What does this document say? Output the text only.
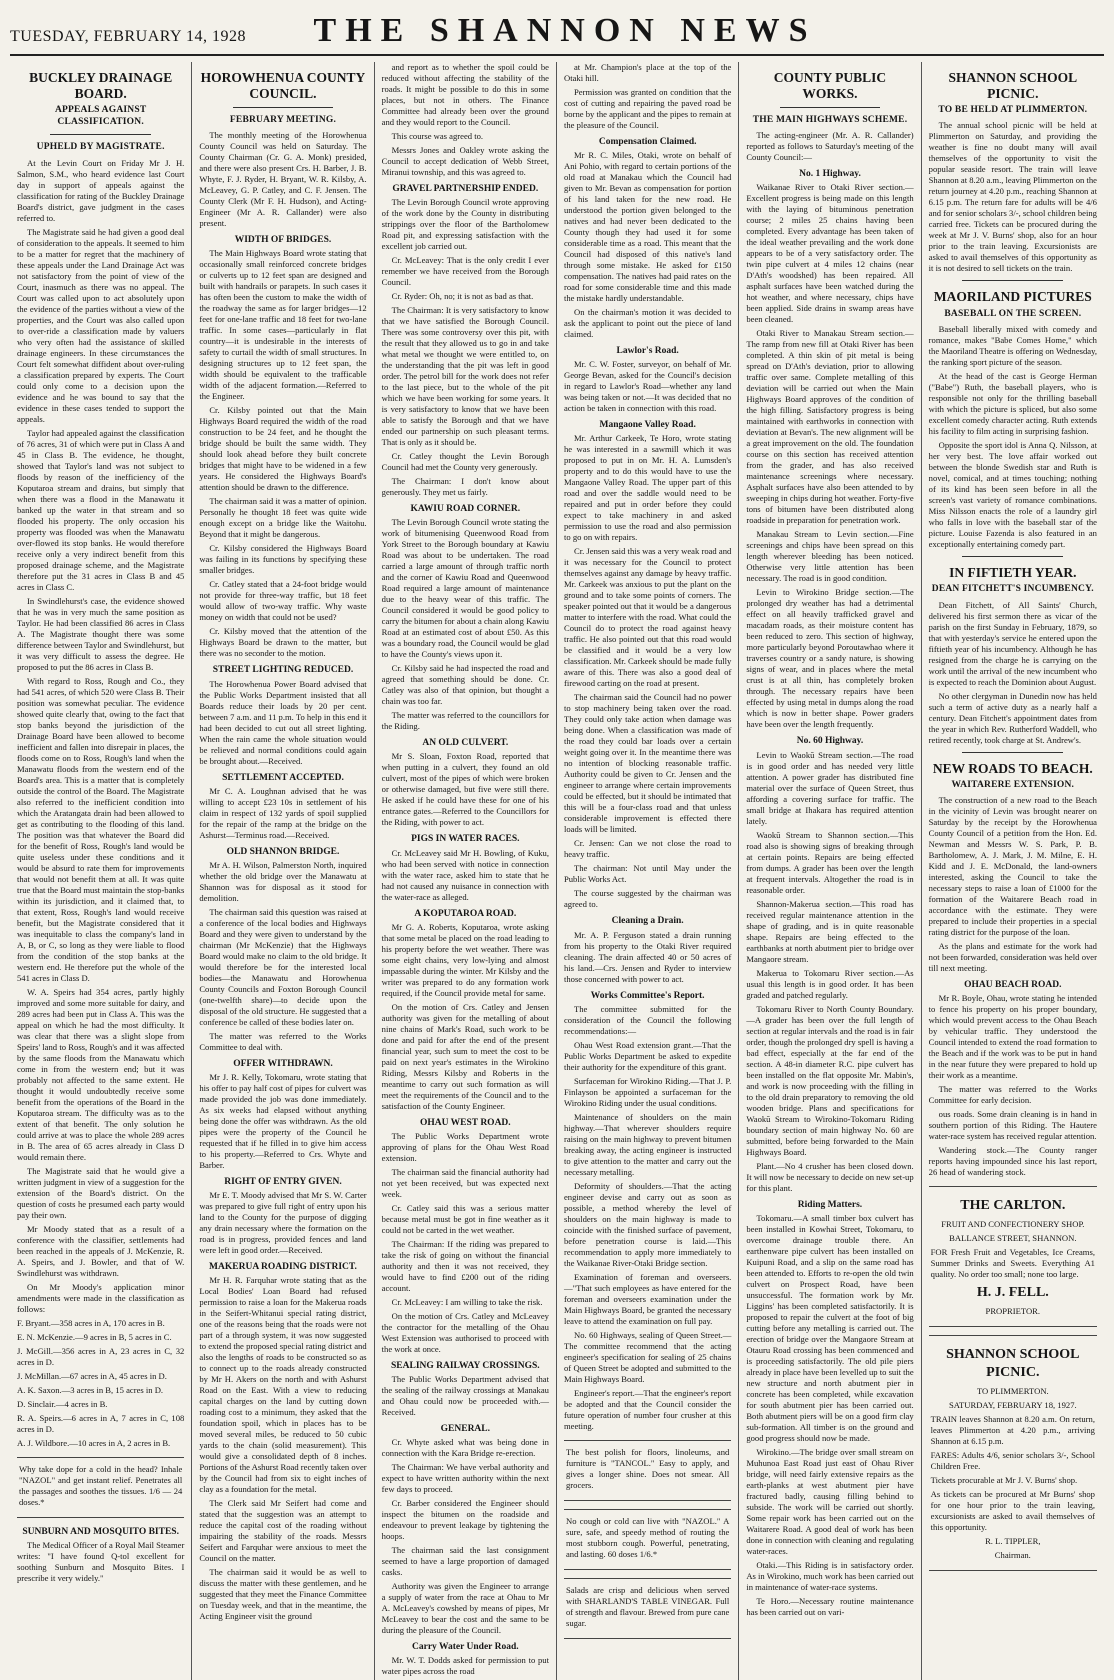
TUESDAY, FEBRUARY 14, 1928	THE SHANNON NEWS
BUCKLEY DRAINAGE BOARD.
APPEALS AGAINST CLASSIFICATION.
UPHELD BY MAGISTRATE.

At the Levin Court on Friday Mr J. H. Salmon, S.M., who heard evidence last Court day in support of appeals against the classification for rating of the Buckley Drainage Board's district, gave judgment in the cases referred to.

The Magistrate said he had given a good deal of consideration to the appeals. It seemed to him to be a matter for regret that the machinery of these appeals under the Land Drainage Act was not satisfactory from the point of view of the Court, inasmuch as there was no appeal. The Court was called upon to act absolutely upon the evidence of the parties without a view of the properties, and the Court was also called upon to over-ride a classification made by valuers who very often had the assistance of skilled drainage engineers. In these circumstances the Court felt somewhat diffident about over-ruling a classification prepared by experts. The Court could only come to a decision upon the evidence and he was bound to say that the evidence in these cases tended to support the appeals.

Taylor had appealed against the classification of 76 acres, 31 of which were put in Class A and 45 in Class B. The evidence, he thought, showed that Taylor's land was not subject to floods by reason of the inefficiency of the Koputaroa stream and drains, but simply that when there was a flood in the Manawatu it banked up the water in that stream and so flooded his property. The only occasion his property was flooded was when the Manawatu over-flowed its stop banks. He would therefore receive only a very indirect benefit from this proposed drainage scheme, and the Magistrate therefore put the 31 acres in Class B and 45 acres in Class C.

In Swindlehurst's case, the evidence showed that he was in very much the same position as Taylor. He had been classified 86 acres in Class A. The Magistrate thought there was some difference between Taylor and Swindlehurst, but it was very difficult to assess the degree. He proposed to put the 86 acres in Class B.

With regard to Ross, Rough and Co., they had 541 acres, of which 520 were Class B. Their position was somewhat peculiar. The evidence showed quite clearly that, owing to the fact that stop banks beyond the jurisdiction of the Drainage Board have been allowed to become inefficient and fallen into disrepair in places, the floods come on to Ross, Rough's land when the Manawatu floods from the western end of the Board's area. This is a matter that is completely outside the control of the Board. The Magistrate also referred to the inefficient condition into which the Aratangata drain had been allowed to get as contributing to the flooding of this land. The position was that whatever the Board did for the benefit of Ross, Rough's land would be quite useless under these conditions and it would be absurd to rate them for improvements that would not benefit them at all. It was quite true that the Board must maintain the stop-banks within its jurisdiction, and it claimed that, to that extent, Ross, Rough's land would receive benefit, but the Magistrate considered that it was inequitable to class the company's land in A, B, or C, so long as they were liable to flood from the condition of the stop banks at the western end. He therefore put the whole of the 541 acres in Class D.

W. A. Speirs had 354 acres, partly highly improved and some more suitable for dairy, and 289 acres had been put in Class A. This was the appeal on which he had the most difficulty. It was clear that there was a slight slope from Speirs' land to Ross, Rough's and it was affected by the same floods from the Manawatu which come in from the western end; but it was probably not affected to the same extent. He thought it would undoubtedly receive some benefit from the operations of the Board in the Koputaroa stream. The difficulty was as to the extent of that benefit. The only solution he could arrive at was to place the whole 289 acres in B. The area of 65 acres already in Class D would remain there.

The Magistrate said that he would give a written judgment in view of a suggestion for the extension of the Board's district. On the question of costs he presumed each party would pay their own.

Mr Moody stated that as a result of a conference with the classifier, settlements had been reached in the appeals of J. McKenzie, R. A. Speirs, and J. Bowler, and that of W. Swindlehurst was withdrawn.

On Mr Moody's application minor amendments were made in the classification as follows:

F. Bryant.—358 acres in A, 170 acres in B.

E. N. McKenzie.—9 acres in B, 5 acres in C.

J. McGill.—356 acres in A, 23 acres in C, 32 acres in D.

J. McMillan.—67 acres in A, 45 acres in D.

A. K. Saxon.—3 acres in B, 15 acres in D.

D. Sinclair.—4 acres in B.

R. A. Speirs.—6 acres in A, 7 acres in C, 108 acres in D.

A. J. Wildbore.—10 acres in A, 2 acres in B.

Why take dope for a cold in the head? Inhale "NAZOL" and get instant relief. Penetrates all the passages and soothes the tissues. 1/6 — 24 doses.*

SUNBURN AND MOSQUITO BITES.

The Medical Officer of a Royal Mail Steamer writes: "I have found Q-tol excellent for soothing Sunburn and Mosquito Bites. I prescribe it very widely."

HOROWHENUA COUNTY COUNCIL.
FEBRUARY MEETING.

The monthly meeting of the Horowhenua County Council was held on Saturday. The County Chairman (Cr. G. A. Monk) presided, and there were also present Crs. H. Barber, J. B. Whyte, F. J. Ryder, H. Bryant, W. R. Kilsby, A. McLeavey, G. P. Catley, and C. F. Jensen. The County Clerk (Mr F. H. Hudson), and Acting-Engineer (Mr A. R. Callander) were also present.

WIDTH OF BRIDGES.

The Main Highways Board wrote stating that occasionally small reinforced concrete bridges or culverts up to 12 feet span are designed and built with handrails or parapets. In such cases it has often been the custom to make the width of the roadway the same as for larger bridges—12 feet for one-lane traffic and 18 feet for two-lane traffic. In some cases—particularly in flat country—it is undesirable in the interests of safety to curtail the width of small structures. In designing structures up to 12 feet span, the width should be equivalent to the trafficable width of the adjacent formation.—Referred to the Engineer.

Cr. Kilsby pointed out that the Main Highways Board required the width of the road construction to be 24 feet, and he thought the bridge should be built the same width. They should look ahead before they built concrete bridges that might have to be widened in a few years. He considered the Highways Board's attention should be drawn to the difference.

The chairman said it was a matter of opinion. Personally he thought 18 feet was quite wide enough except on a bridge like the Waitohu. Beyond that it might be dangerous.

Cr. Kilsby considered the Highways Board was failing in its functions by specifying these smaller bridges.

Cr. Catley stated that a 24-foot bridge would not provide for three-way traffic, but 18 feet would allow of two-way traffic. Why waste money on width that could not be used?

Cr. Kilsby moved that the attention of the Highways Board be drawn to the matter, but there was no seconder to the motion.

STREET LIGHTING REDUCED.

The Horowhenua Power Board advised that the Public Works Department insisted that all Boards reduce their loads by 20 per cent. between 7 a.m. and 11 p.m. To help in this end it had been decided to cut out all street lighting. When the rain came the whole situation would be relieved and normal conditions could again be brought about.—Received.

SETTLEMENT ACCEPTED.

Mr C. A. Loughnan advised that he was willing to accept £23 10s in settlement of his claim in respect of 132 yards of spoil supplied for the repair of the ramp at the bridge on the Ashurst—Terminus road.—Received.

OLD SHANNON BRIDGE.

Mr A. H. Wilson, Palmerston North, inquired whether the old bridge over the Manawatu at Shannon was for disposal as it stood for demolition.

The chairman said this question was raised at a conference of the local bodies and Highways Board and they were given to understand by the chairman (Mr McKenzie) that the Highways Board would make no claim to the old bridge. It would therefore be for the interested local bodies—the Manawatu and Horowhenua County Councils and Foxton Borough Council (one-twelfth share)—to decide upon the disposal of the old structure. He suggested that a conference be called of these bodies later on.

The matter was referred to the Works Committee to deal with.

OFFER WITHDRAWN.

Mr J. R. Kelly, Tokomaru, wrote stating that his offer to pay half cost of pipes for culvert was made provided the job was done immediately. As six weeks had elapsed without anything being done the offer was withdrawn. As the old pipes were the property of the Council he requested that if he filled in to give him access to his property.—Referred to Crs. Whyte and Barber.

RIGHT OF ENTRY GIVEN.

Mr E. T. Moody advised that Mr S. W. Carter was prepared to give full right of entry upon his land to the County for the purpose of digging any drain necessary where the formation on the road is in progress, provided fences and land were left in good order.—Received.

MAKERUA ROADING DISTRICT.

Mr H. R. Farquhar wrote stating that as the Local Bodies' Loan Board had refused permission to raise a loan for the Makerua roads in the Seifert-Whitanui special rating district, one of the reasons being that the roads were not part of a through system, it was now suggested to extend the proposed special rating district and also the lengths of roads to be constructed so as to connect up to the roads already constructed by Mr H. Akers on the north and with Ashurst Road on the East. With a view to reducing capital charges on the land by cutting down roading cost to a minimum, they asked that the foundation spoil, which in places has to be moved several miles, be reduced to 50 cubic yards to the chain (solid measurement). This would give a consolidated depth of 8 inches. Portions of the Ashurst Road recently taken over by the Council had from six to eight inches of clay as a foundation for the metal.

The Clerk said Mr Seifert had come and stated that the suggestion was an attempt to reduce the capital cost of the roading without impairing the stability of the roads. Messrs Seifert and Farquhar were anxious to meet the Council on the matter.

The chairman said it would be as well to discuss the matter with these gentlemen, and he suggested that they meet the Finance Committee on Tuesday week, and that in the meantime, the Acting Engineer visit the ground

and report as to whether the spoil could be reduced without affecting the stability of the roads. It might be possible to do this in some places, but not in others. The Finance Committee had already been over the ground and they would report to the Council.

This course was agreed to.

Messrs Jones and Oakley wrote asking the Council to accept dedication of Webb Street, Miranui township, and this was agreed to.

GRAVEL PARTNERSHIP ENDED.

The Levin Borough Council wrote approving of the work done by the County in distributing strippings over the floor of the Bartholomew Road pit, and expressing satisfaction with the excellent job carried out.

Cr. McLeavey: That is the only credit I ever remember we have received from the Borough Council.

Cr. Ryder: Oh, no; it is not as bad as that.

The Chairman: It is very satisfactory to know that we have satisfied the Borough Council. There was some controversy over this pit, with the result that they allowed us to go in and take what metal we thought we were entitled to, on the understanding that the pit was left in good order. The petrol bill for the work does not refer to the last piece, but to the whole of the pit which we have been working for some years. It is very satisfactory to know that we have been able to satisfy the Borough and that we have ended our partnership on such pleasant terms. That is only as it should be.

Cr. Catley thought the Levin Borough Council had met the County very generously.

The Chairman: I don't know about generously. They met us fairly.

KAWIU ROAD CORNER.

The Levin Borough Council wrote stating the work of bitumenising Queenwood Road from York Street to the Borough boundary at Kawiu Road was about to be undertaken. The road carried a large amount of through traffic north and the corner of Kawiu Road and Queenwood Road required a large amount of maintenance due to the heavy wear of this traffic. The Council considered it would be good policy to carry the bitumen for about a chain along Kawiu Road at an estimated cost of about £50. As this was a boundary road, the Council would be glad to have the County's views upon it.

Cr. Kilsby said he had inspected the road and agreed that something should be done. Cr. Catley was also of that opinion, but thought a chain was too far.

The matter was referred to the councillors for the Riding.

AN OLD CULVERT.

Mr S. Sloan, Foxton Road, reported that when putting in a culvert, they found an old culvert, most of the pipes of which were broken or otherwise damaged, but five were still there. He asked if he could have these for one of his entrance gates.—Referred to the Councillors for the Riding, with power to act.

PIGS IN WATER RACES.

Cr. McLeavey said Mr H. Bowling, of Kuku, who had been served with notice in connection with the water race, asked him to state that he had not caused any nuisance in connection with the water-race as alleged.

A KOPUTAROA ROAD.

Mr G. A. Roberts, Koputaroa, wrote asking that some metal be placed on the road leading to his property before the wet weather. There was some eight chains, very low-lying and almost impassable during the winter. Mr Kilsby and the writer was prepared to do any formation work required, if the Council provide metal for same.

On the motion of Crs. Catley and Jensen authority was given for the metalling of about nine chains of Mark's Road, such work to be done and paid for after the end of the present financial year, such sum to meet the cost to be paid on next year's estimates in the Wirokino Riding, Messrs Kilsby and Roberts in the meantime to carry out such formation as will meet the requirements of the Council and to the satisfaction of the County Engineer.

OHAU WEST ROAD.

The Public Works Department wrote approving of plans for the Ohau West Road extension.

The chairman said the financial authority had not yet been received, but was expected next week.

Cr. Catley said this was a serious matter because metal must be got in fine weather as it could not be carted in the wet weather.

The Chairman: If the riding was prepared to take the risk of going on without the financial authority and then it was not received, they would have to find £200 out of the riding account.

Cr. McLeavey: I am willing to take the risk.

On the motion of Crs. Catley and McLeavey the contractor for the metalling of the Ohau West Extension was authorised to proceed with the work at once.

SEALING RAILWAY CROSSINGS.

The Public Works Department advised that the sealing of the railway crossings at Manakau and Ohau could now be proceeded with.—Received.

GENERAL.

Cr. Whyte asked what was being done in connection with the Kara Bridge re-erection.

The Chairman: We have verbal authority and expect to have written authority within the next few days to proceed.

Cr. Barber considered the Engineer should inspect the bitumen on the roadside and endeavour to prevent leakage by tightening the hoops.

The chairman said the last consignment seemed to have a large proportion of damaged casks.

Authority was given the Engineer to arrange a supply of water from the race at Ohau to Mr A. McLeavey's cowshed by means of pipes, Mr McLeavey to bear the cost and the same to be during the pleasure of the Council.

Carry Water Under Road.

Mr. W. T. Dodds asked for permission to put water pipes across the road

at Mr. Champion's place at the top of the Otaki hill.

Permission was granted on condition that the cost of cutting and repairing the paved road be borne by the applicant and the pipes to remain at the pleasure of the Council.

Compensation Claimed.

Mr R. C. Miles, Otaki, wrote on behalf of Ani Pohio, with regard to certain portions of the old road at Manakau which the Council had given to Mr. Bevan as compensation for portion of his land taken for the new road. He understood the portion given belonged to the natives and had never been dedicated to the County though they had used it for some considerable time as a road. This meant that the Council had disposed of this native's land through some mistake. He asked for £150 compensation. The natives had paid rates on the road for some considerable time and this made the mistake hardly understandable.

On the chairman's motion it was decided to ask the applicant to point out the piece of land claimed.

Lawlor's Road.

Mr. C. W. Foster, surveyor, on behalf of Mr. George Bevan, asked for the Council's decision in regard to Lawlor's Road—whether any land was being taken or not.—It was decided that no action be taken in connection with this road.

Mangaone Valley Road.

Mr. Arthur Carkeek, Te Horo, wrote stating he was interested in a sawmill which it was proposed to put in on Mr. H. A. Lumsden's property and to do this would have to use the Mangaone Valley Road. The upper part of this road and over the saddle would need to be repaired and put in order before they could expect to take machinery in and asked permission to use the road and also permission to go on with repairs.

Cr. Jensen said this was a very weak road and it was necessary for the Council to protect themselves against any damage by heavy traffic. Mr. Carkeek was anxious to put the plant on the ground and to take some points of corners. The speaker pointed out that it would be a dangerous matter to interfere with the road. What could the Council do to protect the road against heavy traffic. He also pointed out that this road would be classified and it would be a very low classification. Mr. Carkeek should be made fully aware of this. There was also a good deal of firewood carting on the road at present.

The chairman said the Council had no power to stop machinery being taken over the road. They could only take action when damage was being done. When a classification was made of the road they could bar loads over a certain weight going over it. In the meantime there was no intention of blocking reasonable traffic. Authority could be given to Cr. Jensen and the engineer to arrange where certain improvements could be effected, but it should be intimated that this will be a four-class road and that unless considerable improvement is effected there loads will be limited.

Cr. Jensen: Can we not close the road to heavy traffic.

The chairman: Not until May under the Public Works Act.

The course suggested by the chairman was agreed to.

Cleaning a Drain.

Mr. A. P. Ferguson stated a drain running from his property to the Otaki River required cleaning. The drain affected 40 or 50 acres of his land.—Crs. Jensen and Ryder to interview those concerned with power to act.

Works Committee's Report.

The committee submitted for the consideration of the Council the following recommendations:—

Ohau West Road extension grant.—That the Public Works Department be asked to expedite their authority for the expenditure of this grant.

Surfaceman for Wirokino Riding.—That J. P. Finlayson be appointed a surfaceman for the Wirokino Riding under the usual conditions.

Maintenance of shoulders on the main highway.—That wherever shoulders require raising on the main highway to prevent bitumen breaking away, the acting engineer is instructed to give attention to the matter and carry out the necessary metalling.

Deformity of shoulders.—That the acting engineer devise and carry out as soon as possible, a method whereby the level of shoulders on the main highway is made to coincide with the finished surface of pavement, before penetration course is laid.—This recommendation to apply more immediately to the Waikanae River-Otaki Bridge section.

Examination of foreman and overseers.—"That such employees as have entered for the foreman and overseers examination under the Main Highways Board, be granted the necessary leave to attend the examination on full pay.

No. 60 Highways, sealing of Queen Street.—The committee recommend that the acting engineer's specification for sealing of 25 chains of Queen Street be adopted and submitted to the Main Highways Board.

Engineer's report.—That the engineer's report be adopted and that the Council consider the future operation of number four crusher at this meeting.

The best polish for floors, linoleums, and furniture is "TANCOL." Easy to apply, and gives a longer shine. Does not smear. All grocers.

No cough or cold can live with "NAZOL." A sure, safe, and speedy method of routing the most stubborn cough. Powerful, penetrating, and lasting. 60 doses 1/6.*

Salads are crisp and delicious when served with SHARLAND'S TABLE VINEGAR. Full of strength and flavour. Brewed from pure cane sugar.

COUNTY PUBLIC WORKS.
THE MAIN HIGHWAYS SCHEME.

The acting-engineer (Mr. A. R. Callander) reported as follows to Saturday's meeting of the County Council:—

No. 1 Highway.

Waikanae River to Otaki River section.—Excellent progress is being made on this length with the laying of bituminous penetration course; 2 miles 25 chains having been completed. Every advantage has been taken of the ideal weather prevailing and the work done appears to be of a very satisfactory order. The twin pipe culvert at 4 miles 12 chains (near D'Ath's woodshed) has been repaired. All asphalt surfaces have been watched during the hot weather, and where necessary, chips have been applied. Side drains in swamp areas have been cleaned.

Otaki River to Manakau Stream section.—The ramp from new fill at Otaki River has been completed. A thin skin of pit metal is being spread on D'Ath's deviation, prior to allowing traffic over same. Complete metalling of this deviation will be carried out when the Main Highways Board approves of the condition of the high filling. Satisfactory progress is being maintained with earthworks in connection with deviation at Bevan's. The new alignment will be a great improvement on the old. The foundation course on this section has received attention from the grader, and has also received maintenance screenings where necessary. Asphalt surfaces have also been attended to by sweeping in chips during hot weather. Forty-five tons of bitumen have been distributed along roadside in preparation for penetration work.

Manakau Stream to Levin section.—Fine screenings and chips have been spread on this length wherever bleeding has been noticed. Otherwise very little attention has been necessary. The road is in good condition.

Levin to Wirokino Bridge section.—The prolonged dry weather has had a detrimental effect on all heavily trafficked gravel and macadam roads, as their moisture content has been reduced to zero. This section of highway, more particularly beyond Poroutawhao where it traverses country or a sandy nature, is showing signs of wear, and in places where the metal crust is at all thin, has completely broken through. The necessary repairs have been effected by using metal in dumps along the road which is now in better shape. Power graders have been over the length frequently.

No. 60 Highway.

Levin to Waokū Stream section.—The road is in good order and has needed very little attention. A power grader has distributed fine material over the surface of Queen Street, thus affording a covering surface for traffic. The small bridge at Ihakara has required attention lately.

Waokū Stream to Shannon section.—This road also is showing signs of breaking through at certain points. Repairs are being effected from dumps. A grader has been over the length at frequent intervals. Altogether the road is in reasonable order.

Shannon-Makerua section.—This road has received regular maintenance attention in the shape of grading, and is in quite reasonable shape. Repairs are being effected to the earthbanks at north abutment pier to bridge over Mangaore stream.

Makerua to Tokomaru River section.—As usual this length is in good order. It has been graded and patched regularly.

Tokomaru River to North County Boundary.—A grader has been over the full length of section at regular intervals and the road is in fair order, though the prolonged dry spell is having a bad effect, especially at the far end of the section. A 48-in diameter R.C. pipe culvert has been installed on the flat opposite Mr. Mabin's, and work is now proceeding with the filling in to the old drain preparatory to removing the old wooden bridge. Plans and specifications for Waokū Stream to Wirokino-Tokomaru Riding boundary section of main highway No. 60 are submitted, before being forwarded to the Main Highways Board.

Plant.—No 4 crusher has been closed down. It will now be necessary to decide on new set-up for this plant.

Riding Matters.

Tokomaru.—A small timber box culvert has been installed in Kowhai Street, Tokomaru, to overcome drainage trouble there. An earthenware pipe culvert has been installed on Kuipuni Road, and a slip on the same road has been attended to. Efforts to re-open the old twin culvert on Prospect Road, have been unsuccessful. The formation work by Mr. Liggins' has been completed satisfactorily. It is proposed to repair the culvert at the foot of big cutting before any metalling is carried out. The erection of bridge over the Mangaore Stream at Otauru Road crossing has been commenced and is proceeding satisfactorily. The old pile piers already in place have been levelled up to suit the new structure and north abutment pier in concrete has been completed, while excavation for south abutment pier has been carried out. Both abutment piers will be on a good firm clay sub-formation. All timber is on the ground and good progress should now be made.

Wirokino.—The bridge over small stream on Muhunoa East Road just east of Ohau River bridge, will need fairly extensive repairs as the earth-planks at west abutment pier have fractured badly, causing filling behind to subside. The work will be carried out shortly. Some repair work has been carried out on the Waitarere Road. A good deal of work has been done in connection with cleaning and regulating water-races.

Otaki.—This Riding is in satisfactory order. As in Wirokino, much work has been carried out in maintenance of water-race systems.

Te Horo.—Necessary routine maintenance has been carried out on vari-

SHANNON SCHOOL PICNIC.
TO BE HELD AT PLIMMERTON.

The annual school picnic will be held at Plimmerton on Saturday, and providing the weather is fine no doubt many will avail themselves of the opportunity to visit the popular seaside resort. The train will leave Shannon at 8.20 a.m., leaving Plimmerton on the return journey at 4.20 p.m., reaching Shannon at 6.15 p.m. The return fare for adults will be 4/6 and for senior scholars 3/-, school children being carried free. Tickets can be procured during the week at Mr J. V. Burns' shop, also for an hour prior to the train leaving. Excursionists are asked to avail themselves of this opportunity as it is not desired to sell tickets on the train.

MAORILAND PICTURES
BASEBALL ON THE SCREEN.

Baseball liberally mixed with comedy and romance, makes "Babe Comes Home," which the Maoriland Theatre is offering on Wednesday, the ranking sport picture of the season.

At the head of the cast is George Herman ("Babe") Ruth, the baseball players, who is responsible not only for the thrilling baseball with which the picture is spliced, but also some excellent comedy character acting. Ruth extends his facility to film acting in surprising fashion.

Opposite the sport idol is Anna Q. Nilsson, at her very best. The love affair worked out between the blonde Swedish star and Ruth is novel, comical, and at times touching; nothing of its kind has been seen before in all the screen's vast variety of romance combinations. Miss Nilsson enacts the role of a laundry girl who falls in love with the baseball star of the picture. Louise Fazenda is also featured in an exceptionally entertaining comedy part.

IN FIFTIETH YEAR.
DEAN FITCHETT'S INCUMBENCY.

Dean Fitchett, of All Saints' Church, delivered his first sermon there as vicar of the parish on the first Sunday in February, 1879, so that with yesterday's service he entered upon the fiftieth year of his incumbency. Although he has resigned from the charge he is carrying on the work until the arrival of the new incumbent who is expected to reach the Dominion about August.

No other clergyman in Dunedin now has held such a term of active duty as a nearly half a century. Dean Fitchett's appointment dates from the year in which Rev. Rutherford Waddell, who retired recently, took charge at St. Andrew's.

NEW ROADS TO BEACH.
WAITARERE EXTENSION.

The construction of a new road to the Beach in the vicinity of Levin was brought nearer on Saturday by the receipt by the Horowhenua County Council of a petition from the Hon. Ed. Newman and Messrs W. S. Park, P. B. Bartholomew, A. J. Mark, J. M. Milne, E. H. Kidd and J. E. McDonald, the land-owners interested, asking the Council to take the necessary steps to raise a loan of £1000 for the formation of the Waitarere Beach road in accordance with the estimate. They were prepared to include their properties in a special rating district for the purpose of the loan.

As the plans and estimate for the work had not been forwarded, consideration was held over till next meeting.

OHAU BEACH ROAD.

Mr R. Boyle, Ohau, wrote stating he intended to fence his property on his proper boundary, which would prevent access to the Ohau Beach by vehicular traffic. They understood the Council intended to extend the road formation to the Beach and if the work was to be put in hand in the near future they were prepared to hold up their work as a meantime.

The matter was referred to the Works Committee for early decision.

ous roads. Some drain cleaning is in hand in southern portion of this Riding. The Hautere water-race system has received regular attention.

Wandering stock.—The County ranger reports having impounded since his last report, 26 head of wandering stock.

THE CARLTON.

FRUIT AND CONFECTIONERY SHOP.

BALLANCE STREET, SHANNON.

FOR Fresh Fruit and Vegetables, Ice Creams, Summer Drinks and Sweets. Everything A1 quality. No order too small; none too large.

H. J. FELL.

PROPRIETOR.

SHANNON SCHOOL PICNIC.

TO PLIMMERTON.

SATURDAY, FEBRUARY 18, 1927.

TRAIN leaves Shannon at 8.20 a.m. On return, leaves Plimmerton at 4.20 p.m., arriving Shannon at 6.15 p.m.

FARES: Adults 4/6, senior scholars 3/-, School Children Free.

Tickets procurable at Mr J. V. Burns' shop.

As tickets can be procured at Mr Burns' shop for one hour prior to the train leaving, excursionists are asked to avail themselves of this opportunity.

R. L. TIPPLER,

Chairman.
